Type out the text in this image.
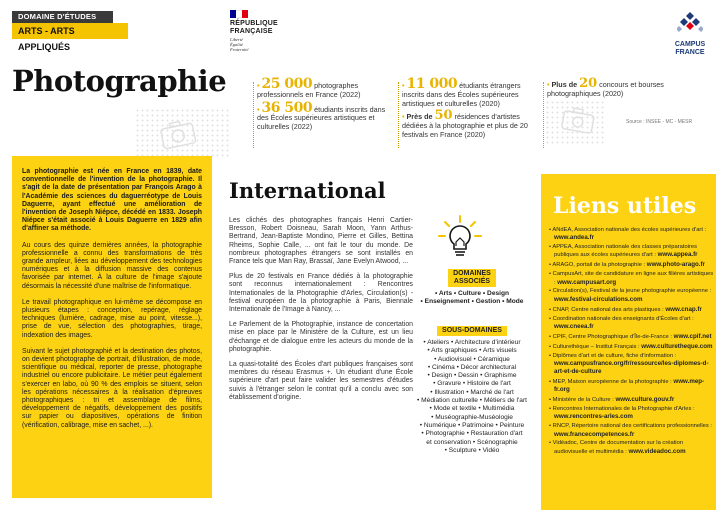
DOMAINE D'ÉTUDES
ARTS - ARTS APPLIQUÉS
RÉPUBLIQUE
FRANÇAISE
Liberté
Égalité
Fraternité
CAMPUS
FRANCE
Photographie	• 25 000 photographes professionnels en France (2022)
• 36 500 étudiants inscrits dans des Écoles supérieures artistiques et culturelles (2022)
• 11 000 étudiants étrangers inscrits dans des Écoles supérieures artistiques et culturelles (2020)
• Près de 50 résidences d'artistes dédiées à la photographie et plus de 20 festivals en France (2020)
• Plus de 20 concours et bourses photographiques (2020)
Source : INSEE - MC - MESR

La photographie est née en France en 1839, date conventionnelle de l'invention de la photographie. Il s'agit de la date de présentation par François Arago à l'Académie des sciences du daguerréotype de Louis Daguerre, ayant effectué une amélioration de l'invention de Joseph Niépce, décédé en 1833. Joseph Niépce s'était associé à Louis Daguerre en 1829 afin d'affiner sa méthode.

Au cours des quinze dernières années, la photographie professionnelle a connu des transformations de très grande ampleur, liées au développement des technologies numériques et à la diffusion massive des contenus favorisée par internet. À la culture de l'image s'ajoute désormais la nécessité d'une maîtrise de l'informatique.

Le travail photographique en lui-même se décompose en plusieurs étapes : conception, repérage, réglage techniques (lumière, cadrage, mise au point, vitesse...), prise de vue, sélection des photographies, tirage, indexation des images.

Suivant le sujet photographié et la destination des photos, on devient photographe de portrait, d'illustration, de mode, scientifique ou médical, reporter de presse, photographe industriel ou encore publicitaire. Le métier peut également s'exercer en labo, où 90 % des emplois se situent, selon les opérations nécessaires à la réalisation d'épreuves photographiques : tri et assemblage de films, développement de négatifs, développement des positifs sur papier ou diapositives, opérations de finition (vérification, calibrage, mise en sachet, ...).

International

Les clichés des photographes français Henri Cartier-Bresson, Robert Doisneau, Sarah Moon, Yann Arthus-Bertrand, Jean-Baptiste Mondino, Pierre et Gilles, Bettina Rheims, Sophie Calle, ... ont fait le tour du monde. De nombreux photographes étrangers se sont installés en France tels que Man Ray, Brassaï, Jane Evelyn Atwood, ...

Plus de 20 festivals en France dédiés à la photographie sont reconnus internationalement : Rencontres Internationales de la Photographie d'Arles, Circulation(s) - festival européen de la photographie à Paris, Biennale Internationale de l'Image à Nancy, ...

Le Parlement de la Photographie, instance de concertation mise en place par le Ministère de la Culture, est un lieu d'échange et de dialogue entre les acteurs du monde de la photographie.

La quasi-totalité des Écoles d'art publiques françaises sont membres du réseau Erasmus +. Un étudiant d'une École supérieure d'art peut faire valider les semestres d'études suivis à l'étranger selon le contrat qu'il a conclu avec son établissement d'origine.

DOMAINES
ASSOCIÉS
• Arts • Culture • Design
• Enseignement • Gestion • Mode
SOUS-DOMAINES
• Ateliers • Architecture d'intérieur
• Arts graphiques • Arts visuels
• Audiovisuel • Céramique
• Cinéma • Décor architectural
• Design • Dessin • Graphisme
• Gravure • Histoire de l'art
• Illustration • Marché de l'art
• Médiation culturelle • Métiers de l'art
• Mode et textile • Multimédia
• Muséographie-Muséologie
• Numérique • Patrimoine • Peinture
• Photographie • Restauration d'art
et conservation • Scénographie
• Sculpture • Vidéo
Liens utiles
• ANdEA, Association nationale des écoles supérieures d'art : www.andea.fr
• APPEA, Association nationale des classes préparatoires publiques aux écoles supérieures d'art : www.appea.fr
• ARAGO, portail de la photographie : www.photo-arago.fr
• CampusArt, site de candidature en ligne aux filières artistiques : www.campusart.org
• Circulation(s), Festival de la jeune photographie européenne : www.festival-circulations.com
• CNAP, Centre national des arts plastiques : www.cnap.fr
• Coordination nationale des enseignants d'Écoles d'art : www.cneea.fr
• CPIF, Centre Photographique d'Île-de-France : www.cpif.net
• Culturethèque – Institut Français : www.culturetheque.com
• Diplômes d'art et de culture, fiche d'information : www.campusfrance.org/fr/ressource/les-diplomes-d-art-et-de-culture
• MEP, Maison européenne de la photographie : www.mep-fr.org
• Ministère de la Culture : www.culture.gouv.fr
• Rencontres Internationales de la Photographie d'Arles : www.rencontres-arles.com
• RNCP, Répertoire national des certifications professionnelles : www.francecompetences.fr
• Vidéadoc, Centre de documentation sur la création audiovisuelle et multimédia : www.videadoc.com
